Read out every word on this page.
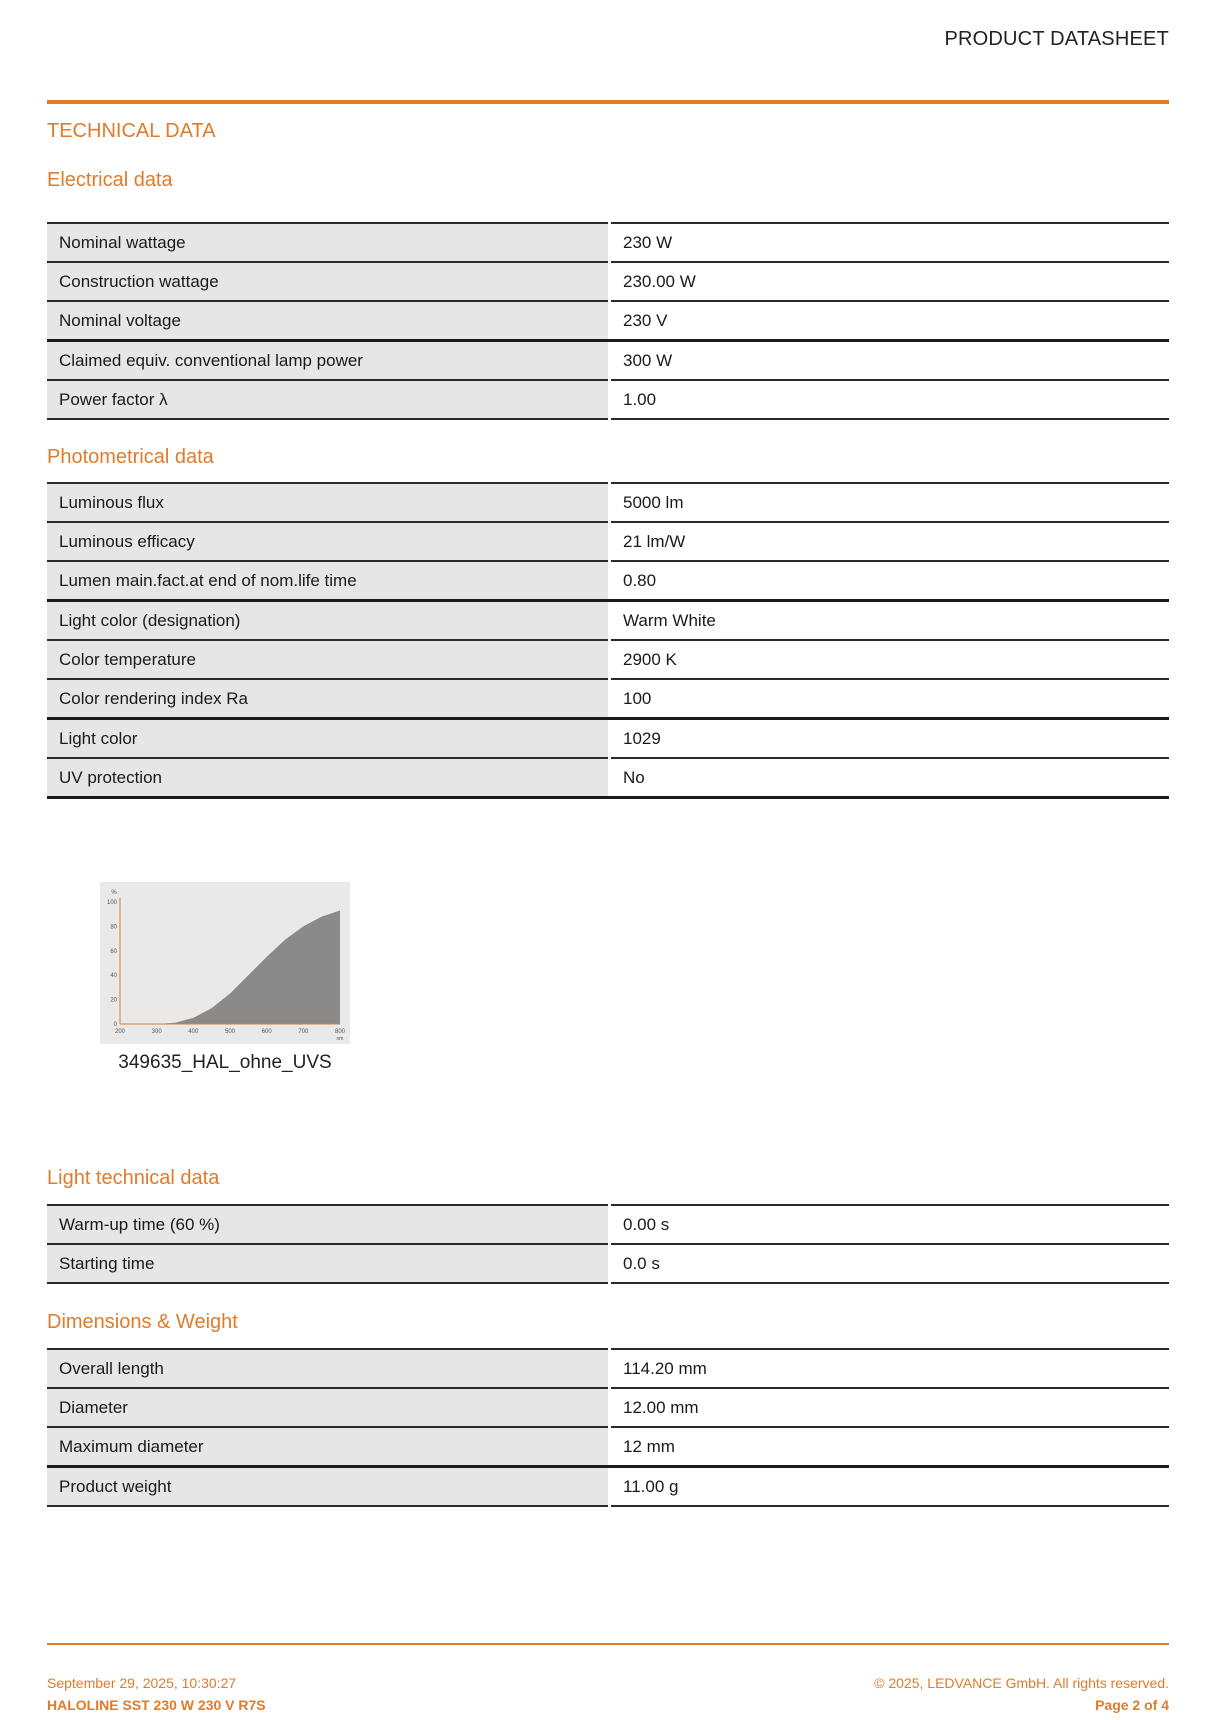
PRODUCT DATASHEET
TECHNICAL DATA
Electrical data
Nominal wattage	230 W
Construction wattage	230.00 W
Nominal voltage	230 V
Claimed equiv. conventional lamp power	300 W
Power factor λ	1.00
Photometrical data
Luminous flux	5000 lm
Luminous efficacy	21 lm/W
Lumen main.fact.at end of nom.life time	0.80
Light color (designation)	Warm White
Color temperature	2900 K
Color rendering index Ra	100
Light color	1029
UV protection	No
%
nm
100
80
60
40
20
0
200	300	400	500	600	700	800
349635_HAL_ohne_UVS
Light technical data
Warm-up time (60 %)	0.00 s
Starting time	0.0 s
Dimensions & Weight
Overall length	114.20 mm
Diameter	12.00 mm
Maximum diameter	12 mm
Product weight	11.00 g
September 29, 2025, 10:30:27
HALOLINE SST 230 W 230 V R7S
© 2025, LEDVANCE GmbH. All rights reserved.
Page 2 of 4
